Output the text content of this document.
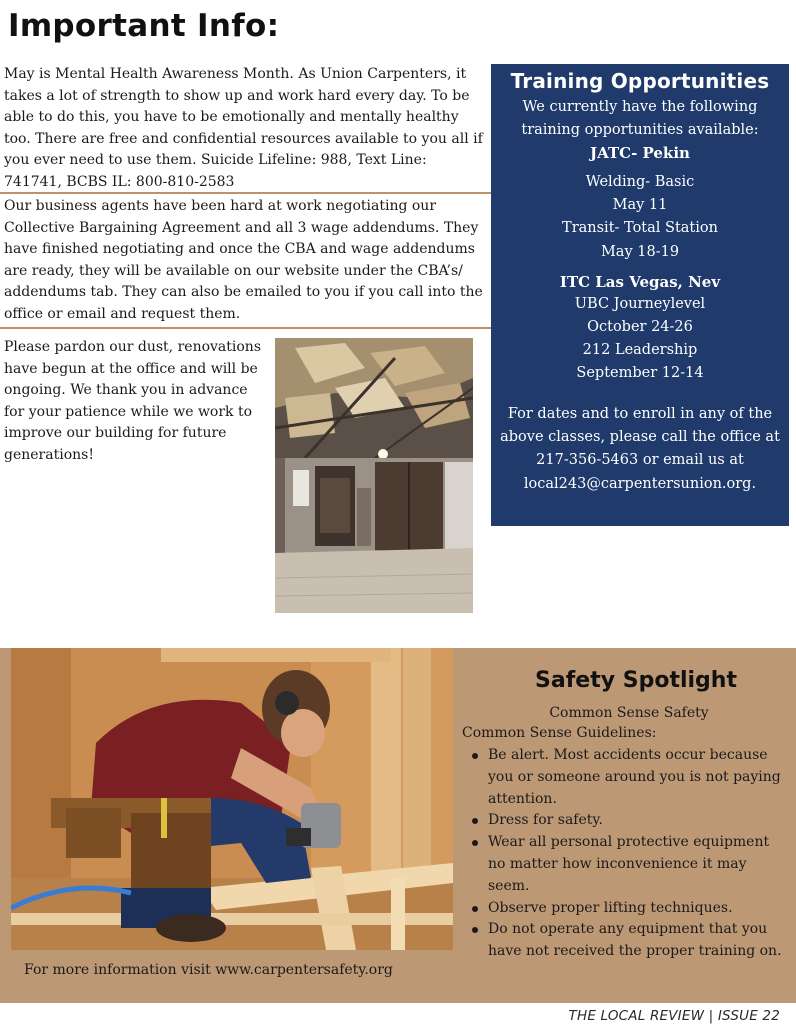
Important Info:

May is Mental Health Awareness Month. As Union Carpenters, it takes a lot of strength to show up and work hard every day. To be able to do this, you have to be emotionally and mentally healthy too. There are free and confidential resources available to you all if you ever need to use them. Suicide Lifeline: 988, Text Line: 741741, BCBS IL: 800-810-2583

Our business agents have been hard at work negotiating our Collective Bargaining Agreement and all 3 wage addendums. They have finished negotiating and once the CBA and wage addendums are ready, they will be available on our website under the CBA’s/ addendums tab. They can also be emailed to you if you call into the office or email and request them.

Please pardon our dust, renovations have begun at the office and will be ongoing. We thank you in advance for your patience while we work to improve our building for future generations!

Training Opportunities
We currently have the following training opportunities available:
JATC- Pekin
Welding- Basic
May 11
Transit- Total Station
May 18-19
ITC Las Vegas, Nev
UBC Journeylevel
October 24-26
212 Leadership
September 12-14
For dates and to enroll in any of the above classes, please call the office at 217-356-5463 or email us at local243@carpentersunion.org.
For more information visit www.carpentersafety.org
Safety Spotlight
Common Sense Safety
Common Sense Guidelines:
Be alert. Most accidents occur because you or someone around you is not paying attention.
Dress for safety.
Wear all personal protective equipment no matter how inconvenience it may seem.
Observe proper lifting techniques.
Do not operate any equipment that you have not received the proper training on.
THE LOCAL REVIEW | ISSUE 22
